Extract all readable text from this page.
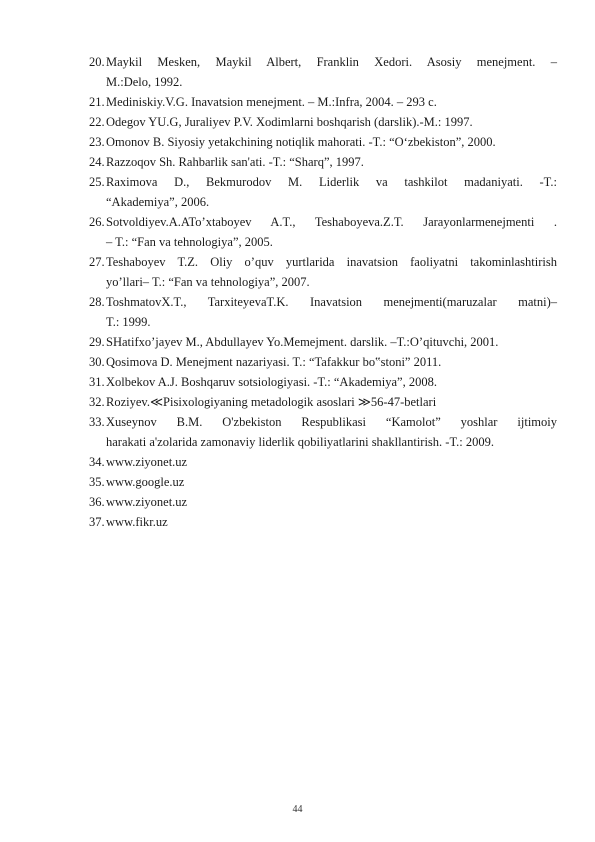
20. Maykil Mesken, Maykil Albert, Franklin Xedori. Asosiy menejment. –
M.:Delo, 1992.
21. Mediniskiy.V.G. Inavatsion menejment. – M.:Infra, 2004. – 293 с.
22. Odegov YU.G, Juraliyev P.V. Xodimlarni boshqarish (darslik).-M.: 1997.
23. Omonov B. Siyosiy yetakchining notiqlik mahorati. -T.: “O‘zbekiston”, 2000.
24. Razzoqov Sh. Rahbarlik san'ati. -T.: “Sharq”, 1997.
25. Raximova D., Bekmurodov M. Liderlik va tashkilot madaniyati. -T.:
“Akademiya”, 2006.
26. Sotvoldiyev.A.ATo’xtaboyev A.T., Teshaboyeva.Z.T. Jarayonlarmenejmenti .
– T.: “Fan va tehnologiya”, 2005.
27. Teshaboyev T.Z. Oliy o’quv yurtlarida inavatsion faoliyatni takominlashtirish
yo’llari– T.: “Fan va tehnologiya”, 2007.
28. ToshmatovX.T., TarxiteyevaT.K. Inavatsion menejmenti(maruzalar matni)–
T.: 1999.
29. SHatifxo’jayev M., Abdullayev Yo.Memejment. darslik. –T.:O’qituvchi, 2001.
30. Qosimova D. Menejment nazariyasi. T.: “Tafakkur bo‟stoni” 2011.
31. Xolbekov A.J. Boshqaruv sotsiologiyasi. -T.: “Akademiya”, 2008.
32. Roziyev.≪Pisixologiyaning metadologik asoslari ≫56-47-betlari
33. Xuseynov B.M. O'zbekiston Respublikasi “Kamolot” yoshlar ijtimoiy
harakati a'zolarida zamonaviy liderlik qobiliyatlarini shakllantirish. -T.: 2009.
34. www.ziyonet.uz
35. www.google.uz
36. www.ziyonet.uz
37. www.fikr.uz
44
